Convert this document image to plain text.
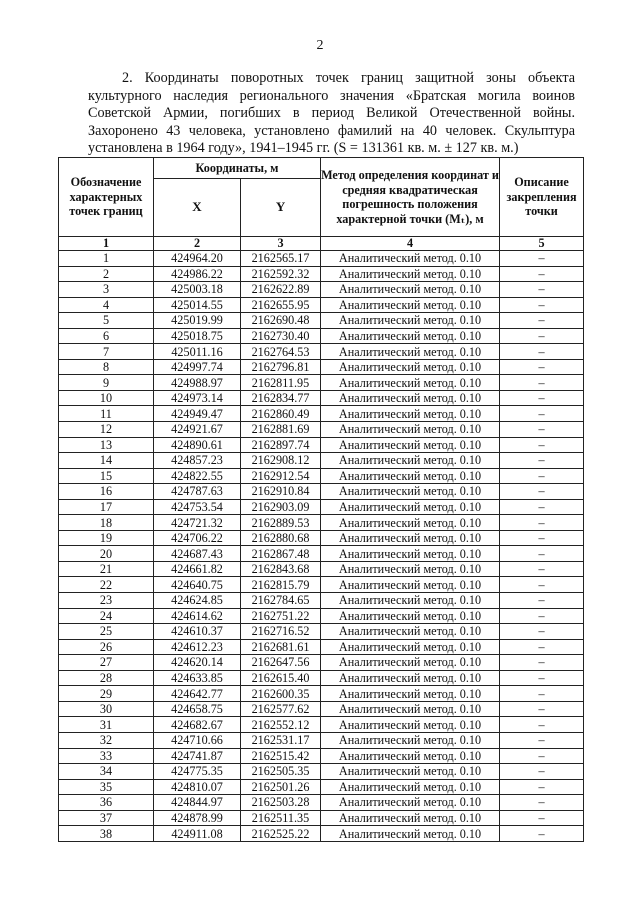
2

2. Координаты поворотных точек границ защитной зоны объекта культурного наследия регионального значения «Братская могила воинов Советской Армии, погибших в период Великой Отечественной войны. Захоронено 43 человека, установлено фамилий на 40 человек. Скульптура установлена в 1964 году», 1941–1945 гг. (S = 131361 кв. м. ± 127 кв. м.)

Обозначение характерных точек границ	Координаты, м		Метод определения координат и средняя квадратическая погрешность положения характерной точки (Mₜ), м	Описание закрепления точки
	X	Y		
1	2	3	4	5
1	424964.20	2162565.17	Аналитический метод. 0.10	–
2	424986.22	2162592.32	Аналитический метод. 0.10	–
3	425003.18	2162622.89	Аналитический метод. 0.10	–
4	425014.55	2162655.95	Аналитический метод. 0.10	–
5	425019.99	2162690.48	Аналитический метод. 0.10	–
6	425018.75	2162730.40	Аналитический метод. 0.10	–
7	425011.16	2162764.53	Аналитический метод. 0.10	–
8	424997.74	2162796.81	Аналитический метод. 0.10	–
9	424988.97	2162811.95	Аналитический метод. 0.10	–
10	424973.14	2162834.77	Аналитический метод. 0.10	–
11	424949.47	2162860.49	Аналитический метод. 0.10	–
12	424921.67	2162881.69	Аналитический метод. 0.10	–
13	424890.61	2162897.74	Аналитический метод. 0.10	–
14	424857.23	2162908.12	Аналитический метод. 0.10	–
15	424822.55	2162912.54	Аналитический метод. 0.10	–
16	424787.63	2162910.84	Аналитический метод. 0.10	–
17	424753.54	2162903.09	Аналитический метод. 0.10	–
18	424721.32	2162889.53	Аналитический метод. 0.10	–
19	424706.22	2162880.68	Аналитический метод. 0.10	–
20	424687.43	2162867.48	Аналитический метод. 0.10	–
21	424661.82	2162843.68	Аналитический метод. 0.10	–
22	424640.75	2162815.79	Аналитический метод. 0.10	–
23	424624.85	2162784.65	Аналитический метод. 0.10	–
24	424614.62	2162751.22	Аналитический метод. 0.10	–
25	424610.37	2162716.52	Аналитический метод. 0.10	–
26	424612.23	2162681.61	Аналитический метод. 0.10	–
27	424620.14	2162647.56	Аналитический метод. 0.10	–
28	424633.85	2162615.40	Аналитический метод. 0.10	–
29	424642.77	2162600.35	Аналитический метод. 0.10	–
30	424658.75	2162577.62	Аналитический метод. 0.10	–
31	424682.67	2162552.12	Аналитический метод. 0.10	–
32	424710.66	2162531.17	Аналитический метод. 0.10	–
33	424741.87	2162515.42	Аналитический метод. 0.10	–
34	424775.35	2162505.35	Аналитический метод. 0.10	–
35	424810.07	2162501.26	Аналитический метод. 0.10	–
36	424844.97	2162503.28	Аналитический метод. 0.10	–
37	424878.99	2162511.35	Аналитический метод. 0.10	–
38	424911.08	2162525.22	Аналитический метод. 0.10	–
